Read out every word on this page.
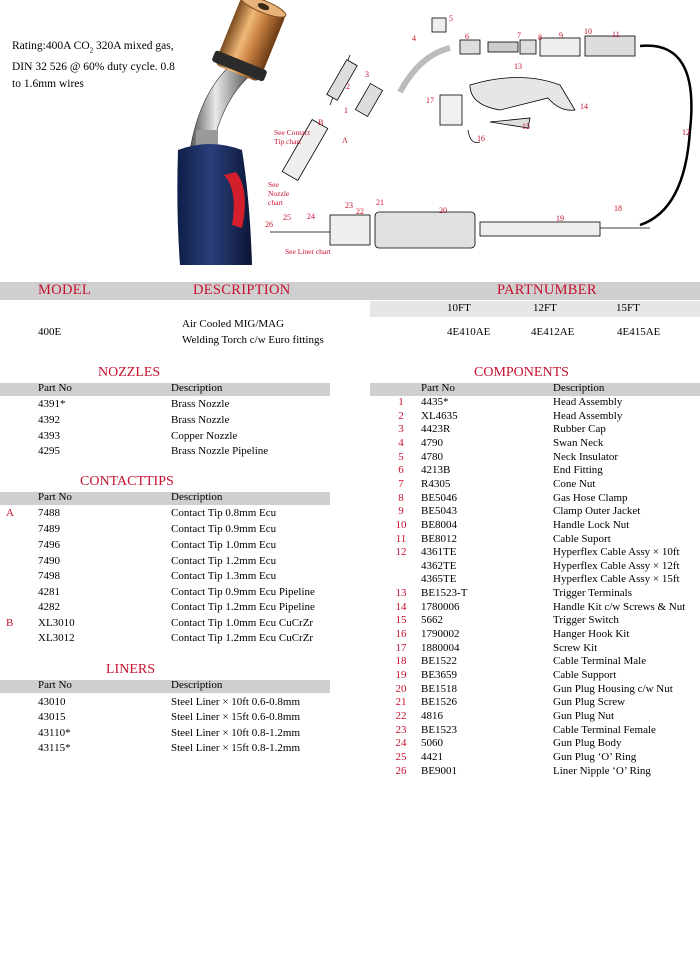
Rating:400A $CO_2$ 320A mixed gas,
DIN 32 526 @ 60% duty cycle. 0.8
to 1.6mm wires
5
4	6	7 8 9	10	11
13
12
14
17
15
16
3
2
1
B
A
See Contact Tip chart
See Nozzle chart
See Liner chart
18
19
20
21
22
23
24
25
26
MODEL	DESCRIPTION	PARTNUMBER
10FT	12FT	15FT
400E
Air Cooled MIG/MAG
Welding Torch c/w Euro fittings
4E410AE	4E412AE	4E415AE
NOZZLES
Part No	Description
4391*	Brass Nozzle
4392	Brass Nozzle
4393	Copper Nozzle
4295	Brass Nozzle Pipeline
CONTACTTIPS
Part No	Description
A 7488	Contact Tip 0.8mm Ecu
7489	Contact Tip 0.9mm Ecu
7496	Contact Tip 1.0mm Ecu
7490	Contact Tip 1.2mm Ecu
7498	Contact Tip 1.3mm Ecu
4281	Contact Tip 0.9mm Ecu Pipeline
4282	Contact Tip 1.2mm Ecu Pipeline
B XL3010	Contact Tip 1.0mm Ecu CuCrZr
XL3012	Contact Tip 1.2mm Ecu CuCrZr
LINERS
Part No	Description
43010	Steel Liner × 10ft 0.6-0.8mm
43015	Steel Liner × 15ft 0.6-0.8mm
43110*	Steel Liner × 10ft 0.8-1.2mm
43115*	Steel Liner × 15ft 0.8-1.2mm
COMPONENTS
Part No	Description
1	4435*	Head Assembly
2	XL4635	Head Assembly
3	4423R	Rubber Cap
4	4790	Swan Neck
5	4780	Neck Insulator
6	4213B	End Fitting
7	R4305	Cone Nut
8	BE5046	Gas Hose Clamp
9	BE5043	Clamp Outer Jacket
10 BE8004	Handle Lock Nut
11 BE8012	Cable Suport
12 4361TE	Hyperflex Cable Assy × 10ft
4362TE	Hyperflex Cable Assy × 12ft
4365TE	Hyperflex Cable Assy × 15ft
13 BE1523-T	Trigger Terminals
14 1780006	Handle Kit c/w Screws & Nut
15 5662	Trigger Switch
16 1790002	Hanger Hook Kit
17 1880004	Screw Kit
18 BE1522	Cable Terminal Male
19 BE3659	Cable Support
20 BE1518	Gun Plug Housing c/w Nut
21 BE1526	Gun Plug Screw
22 4816	Gun Plug Nut
23 BE1523	Cable Terminal Female
24 5060	Gun Plug Body
25 4421	Gun Plug ‘O’ Ring
26 BE9001	Liner Nipple ‘O’ Ring
